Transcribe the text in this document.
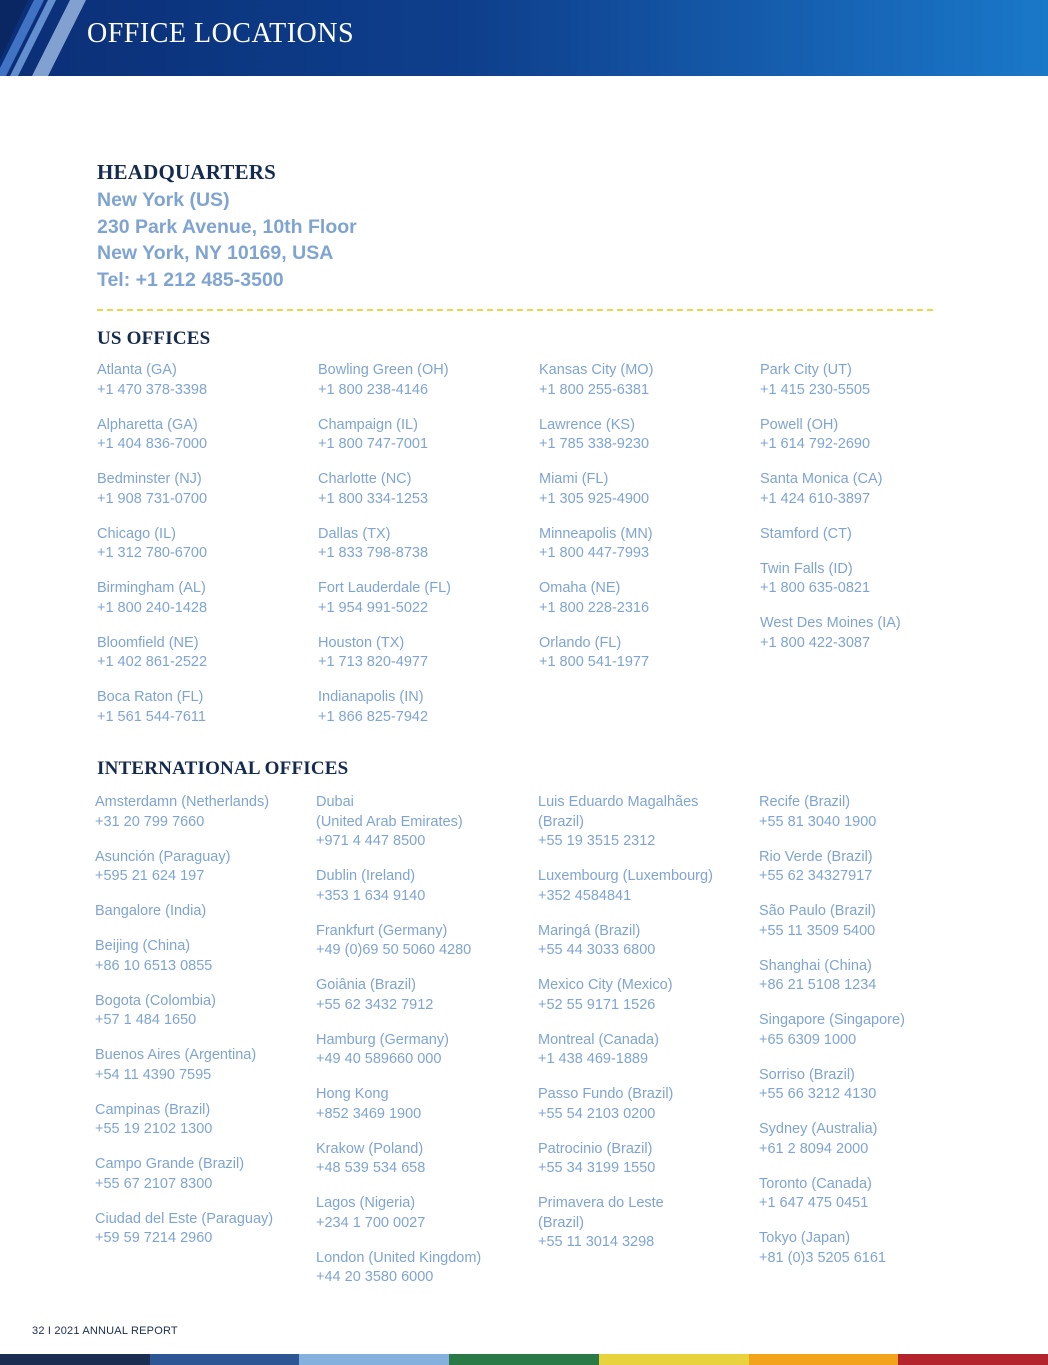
OFFICE LOCATIONS
HEADQUARTERS
New York (US)
230 Park Avenue, 10th Floor
New York, NY 10169, USA
Tel: +1 212 485-3500
US OFFICES
Atlanta (GA)
+1 470 378-3398
Alpharetta (GA)
+1 404 836-7000
Bedminster (NJ)
+1 908 731-0700
Chicago (IL)
+1 312 780-6700
Birmingham (AL)
+1 800 240-1428
Bloomfield (NE)
+1 402 861-2522
Boca Raton (FL)
+1 561 544-7611
Bowling Green (OH)
+1 800 238-4146
Champaign (IL)
+1 800 747-7001
Charlotte (NC)
+1 800 334-1253
Dallas (TX)
+1 833 798-8738
Fort Lauderdale (FL)
+1 954 991-5022
Houston (TX)
+1 713 820-4977
Indianapolis (IN)
+1 866 825-7942
Kansas City (MO)
+1 800 255-6381
Lawrence (KS)
+1 785 338-9230
Miami (FL)
+1 305 925-4900
Minneapolis (MN)
+1 800 447-7993
Omaha (NE)
+1 800 228-2316
Orlando (FL)
+1 800 541-1977
Park City (UT)
+1 415 230-5505
Powell (OH)
+1 614 792-2690
Santa Monica (CA)
+1 424 610-3897
Stamford (CT)
Twin Falls (ID)
+1 800 635-0821
West Des Moines (IA)
+1 800 422-3087
INTERNATIONAL OFFICES
Amsterdamn (Netherlands)
+31 20 799 7660
Asunción (Paraguay)
+595 21 624 197
Bangalore (India)
Beijing (China)
+86 10 6513 0855
Bogota (Colombia)
+57 1 484 1650
Buenos Aires (Argentina)
+54 11 4390 7595
Campinas (Brazil)
+55 19 2102 1300
Campo Grande (Brazil)
+55 67 2107 8300
Ciudad del Este (Paraguay)
+59 59 7214 2960
Dubai
(United Arab Emirates)
+971 4 447 8500
Dublin (Ireland)
+353 1 634 9140
Frankfurt (Germany)
+49 (0)69 50 5060 4280
Goiânia (Brazil)
+55 62 3432 7912
Hamburg (Germany)
+49 40 589660 000
Hong Kong
+852 3469 1900
Krakow (Poland)
+48 539 534 658
Lagos (Nigeria)
+234 1 700 0027
London (United Kingdom)
+44 20 3580 6000
Luis Eduardo Magalhães
(Brazil)
+55 19 3515 2312
Luxembourg (Luxembourg)
+352 4584841
Maringá (Brazil)
+55 44 3033 6800
Mexico City (Mexico)
+52 55 9171 1526
Montreal (Canada)
+1 438 469-1889
Passo Fundo (Brazil)
+55 54 2103 0200
Patrocinio (Brazil)
+55 34 3199 1550
Primavera do Leste
(Brazil)
+55 11 3014 3298
Recife (Brazil)
+55 81 3040 1900
Rio Verde (Brazil)
+55 62 34327917
São Paulo (Brazil)
+55 11 3509 5400
Shanghai (China)
+86 21 5108 1234
Singapore (Singapore)
+65 6309 1000
Sorriso (Brazil)
+55 66 3212 4130
Sydney (Australia)
+61 2 8094 2000
Toronto (Canada)
+1 647 475 0451
Tokyo (Japan)
+81 (0)3 5205 6161
32 I 2021 ANNUAL REPORT
